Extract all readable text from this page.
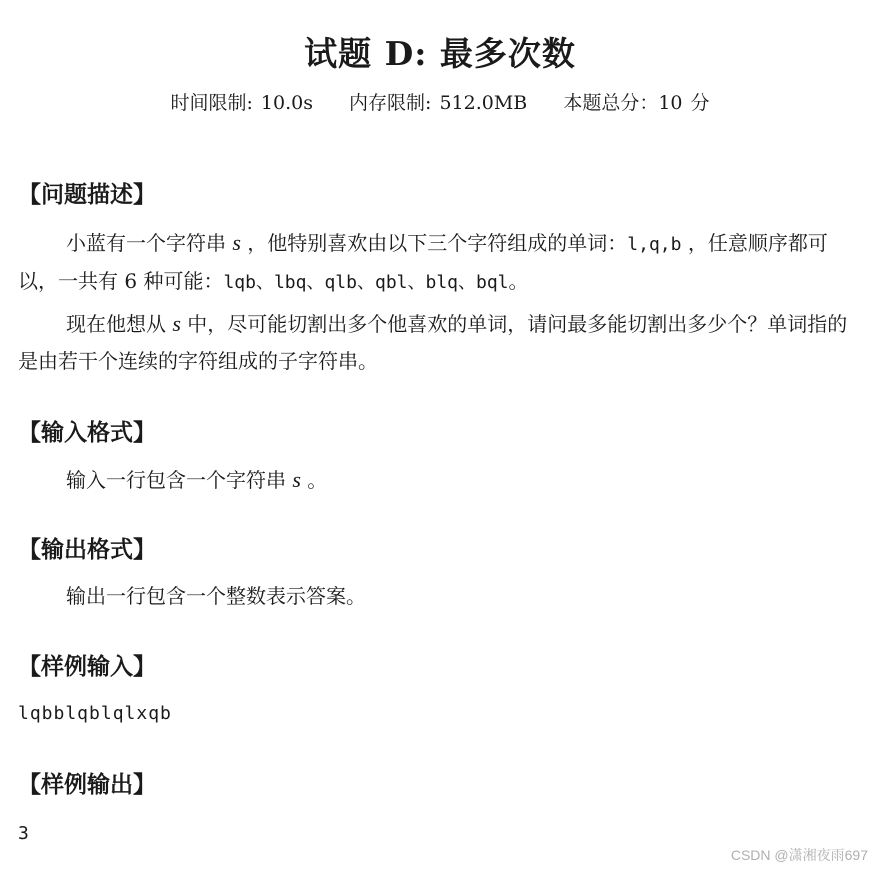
试题 D: 最多次数
时间限制: 10.0s 内存限制: 512.0MB 本题总分：10 分
【问题描述】
小蓝有一个字符串 s ，他特别喜欢由以下三个字符组成的单词：l,q,b ，任意顺序都可以，一共有 6 种可能：lqb、lbq、qlb、qbl、blq、bql。
现在他想从 s 中，尽可能切割出多个他喜欢的单词，请问最多能切割出多少个？单词指的是由若干个连续的字符组成的子字符串。
【输入格式】
输入一行包含一个字符串 s 。
【输出格式】
输出一行包含一个整数表示答案。
【样例输入】
lqbblqblqlxqb
【样例输出】
3
CSDN @潇湘夜雨697
